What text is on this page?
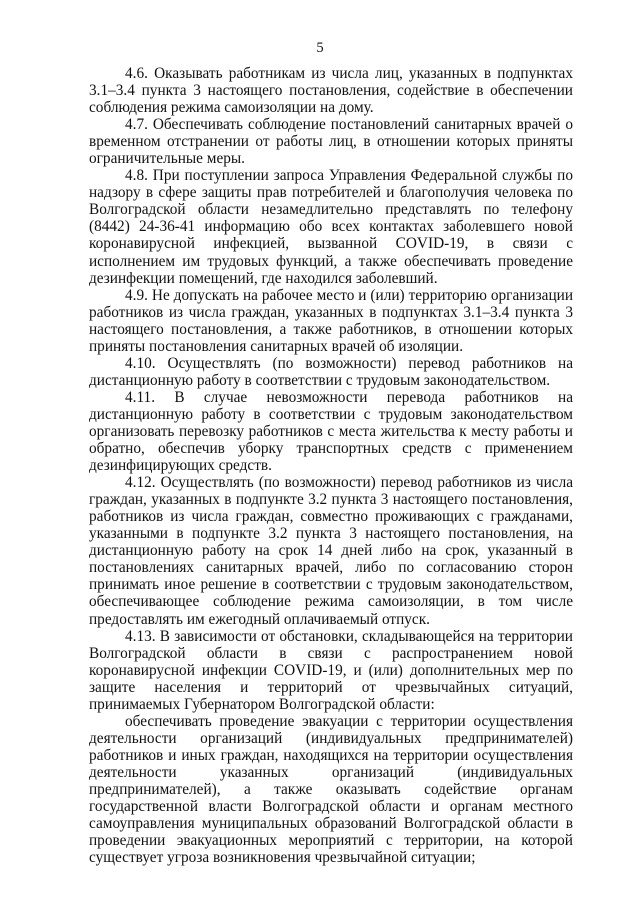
5

4.6. Оказывать работникам из числа лиц, указанных в подпунктах 3.1–3.4 пункта 3 настоящего постановления, содействие в обеспечении соблюдения режима самоизоляции на дому.

4.7. Обеспечивать соблюдение постановлений санитарных врачей о временном отстранении от работы лиц, в отношении которых приняты ограничительные меры.

4.8. При поступлении запроса Управления Федеральной службы по надзору в сфере защиты прав потребителей и благополучия человека по Волгоградской области незамедлительно представлять по телефону (8442) 24-36-41 информацию обо всех контактах заболевшего новой коронавирусной инфекцией, вызванной COVID-19, в связи с исполнением им трудовых функций, а также обеспечивать проведение дезинфекции помещений, где находился заболевший.

4.9. Не допускать на рабочее место и (или) территорию организации работников из числа граждан, указанных в подпунктах 3.1–3.4 пункта 3 настоящего постановления, а также работников, в отношении которых приняты постановления санитарных врачей об изоляции.

4.10. Осуществлять (по возможности) перевод работников на дистанционную работу в соответствии с трудовым законодательством.

4.11. В случае невозможности перевода работников на дистанционную работу в соответствии с трудовым законодательством организовать перевозку работников с места жительства к месту работы и обратно, обеспечив уборку транспортных средств с применением дезинфицирующих средств.

4.12. Осуществлять (по возможности) перевод работников из числа граждан, указанных в подпункте 3.2 пункта 3 настоящего постановления, работников из числа граждан, совместно проживающих с гражданами, указанными в подпункте 3.2 пункта 3 настоящего постановления, на дистанционную работу на срок 14 дней либо на срок, указанный в постановлениях санитарных врачей, либо по согласованию сторон принимать иное решение в соответствии с трудовым законодательством, обеспечивающее соблюдение режима самоизоляции, в том числе предоставлять им ежегодный оплачиваемый отпуск.

4.13. В зависимости от обстановки, складывающейся на территории Волгоградской области в связи с распространением новой коронавирусной инфекции COVID-19, и (или) дополнительных мер по защите населения и территорий от чрезвычайных ситуаций, принимаемых Губернатором Волгоградской области:

обеспечивать проведение эвакуации с территории осуществления деятельности организаций (индивидуальных предпринимателей) работников и иных граждан, находящихся на территории осуществления деятельности указанных организаций (индивидуальных предпринимателей), а также оказывать содействие органам государственной власти Волгоградской области и органам местного самоуправления муниципальных образований Волгоградской области в проведении эвакуационных мероприятий с территории, на которой существует угроза возникновения чрезвычайной ситуации;
